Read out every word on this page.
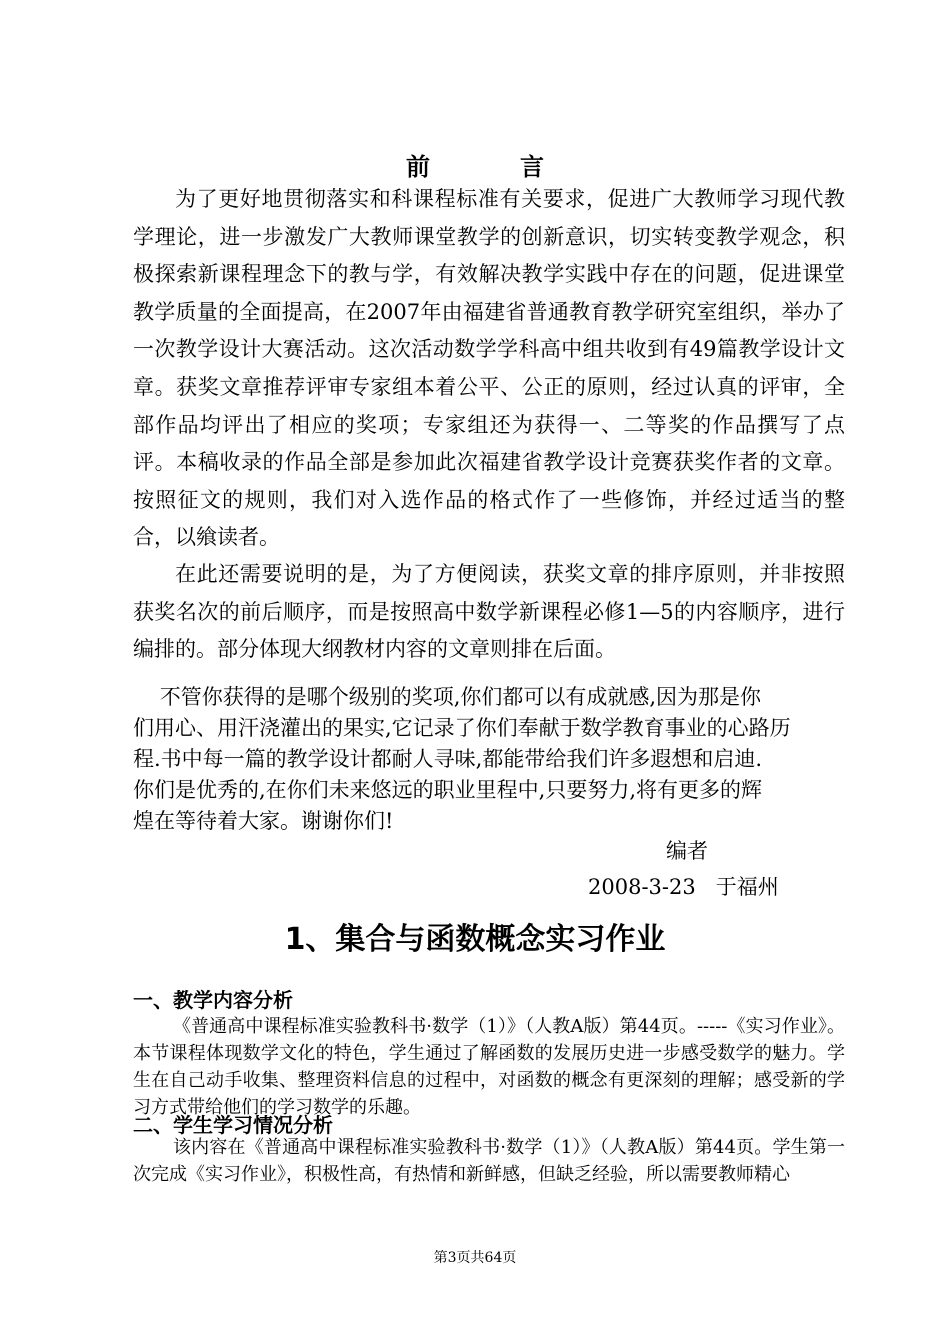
前	言

为了更好地贯彻落实和科课程标准有关要求，促进广大教师学习现代教学理论，进一步激发广大教师课堂教学的创新意识，切实转变教学观念，积极探索新课程理念下的教与学，有效解决教学实践中存在的问题，促进课堂教学质量的全面提高，在2007年由福建省普通教育教学研究室组织，举办了一次教学设计大赛活动。这次活动数学学科高中组共收到有49篇教学设计文章。获奖文章推荐评审专家组本着公平、公正的原则，经过认真的评审，全部作品均评出了相应的奖项；专家组还为获得一、二等奖的作品撰写了点评。本稿收录的作品全部是参加此次福建省教学设计竞赛获奖作者的文章。按照征文的规则，我们对入选作品的格式作了一些修饰，并经过适当的整合，以飨读者。

在此还需要说明的是，为了方便阅读，获奖文章的排序原则，并非按照获奖名次的前后顺序，而是按照高中数学新课程必修1—5的内容顺序，进行编排的。部分体现大纲教材内容的文章则排在后面。

不管你获得的是哪个级别的奖项,你们都可以有成就感,因为那是你
们用心、用汗浇灌出的果实,它记录了你们奉献于数学教育事业的心路历
程.书中每一篇的教学设计都耐人寻味,都能带给我们许多遐想和启迪.
你们是优秀的,在你们未来悠远的职业里程中,只要努力,将有更多的辉
煌在等待着大家。谢谢你们!
编者
2008-3-23   于福州
1、集合与函数概念实习作业
一、教学内容分析

《普通高中课程标准实验教科书·数学（1）》（人教A版）第44页。-----《实习作业》。本节课程体现数学文化的特色，学生通过了解函数的发展历史进一步感受数学的魅力。学生在自己动手收集、整理资料信息的过程中，对函数的概念有更深刻的理解；感受新的学习方式带给他们的学习数学的乐趣。

二、学生学习情况分析

该内容在《普通高中课程标准实验教科书·数学（1）》（人教A版）第44页。学生第一次完成《实习作业》，积极性高，有热情和新鲜感，但缺乏经验，所以需要教师精心

第3页共64页
